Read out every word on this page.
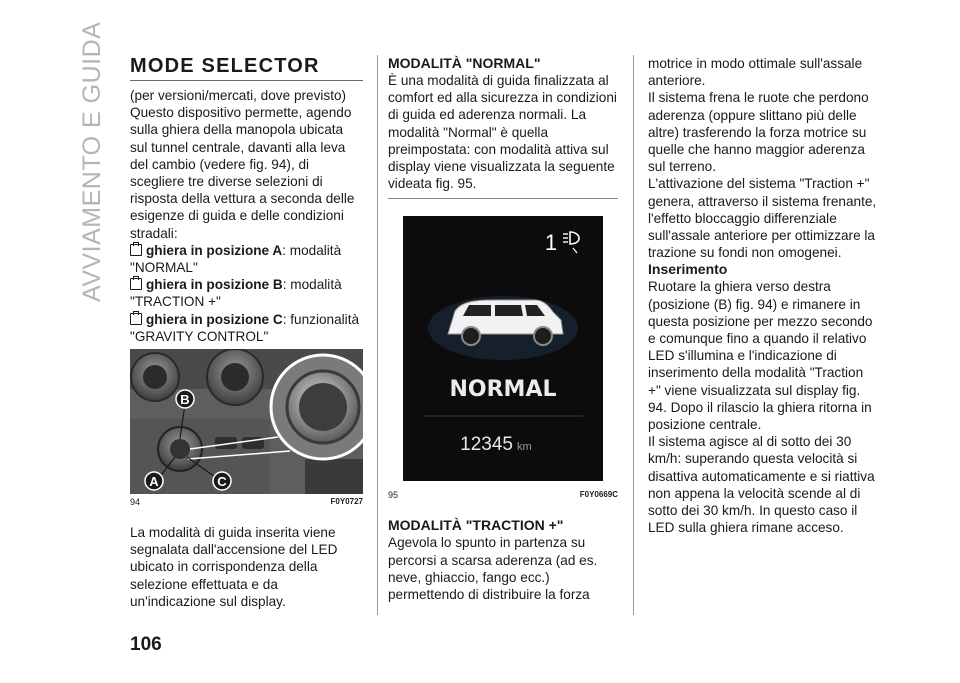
AVVIAMENTO E GUIDA MODE SELECTOR

(per versioni/mercati, dove previsto) Questo dispositivo permette, agendo sulla ghiera della manopola ubicata sul tunnel centrale, davanti alla leva del cambio (vedere fig. 94), di scegliere tre diverse selezioni di risposta della vettura a seconda delle esigenze di guida e delle condizioni stradali:

ghiera in posizione A: modalità "NORMAL"
ghiera in posizione B: modalità "TRACTION +"
ghiera in posizione C: funzionalità "GRAVITY CONTROL"
B
A	C
94	F0Y0727

La modalità di guida inserita viene segnalata dall'accensione del LED ubicato in corrispondenza della selezione effettuata e da un'indicazione sul display.

MODALITÀ "NORMAL"

È una modalità di guida finalizzata al comfort ed alla sicurezza in condizioni di guida ed aderenza normali. La modalità "Normal" è quella preimpostata: con modalità attiva sul display viene visualizzata la seguente videata fig. 95.

1
NORMAL
12345 km
95	F0Y0669C
MODALITÀ "TRACTION +"

Agevola lo spunto in partenza su percorsi a scarsa aderenza (ad es. neve, ghiaccio, fango ecc.) permettendo di distribuire la forza

motrice in modo ottimale sull'assale anteriore.

Il sistema frena le ruote che perdono aderenza (oppure slittano più delle altre) trasferendo la forza motrice su quelle che hanno maggior aderenza sul terreno.

L'attivazione del sistema "Traction +" genera, attraverso il sistema frenante, l'effetto bloccaggio differenziale sull'assale anteriore per ottimizzare la trazione su fondi non omogenei.

Inserimento

Ruotare la ghiera verso destra (posizione (B) fig. 94) e rimanere in questa posizione per mezzo secondo e comunque fino a quando il relativo LED s'illumina e l'indicazione di inserimento della modalità "Traction +" viene visualizzata sul display fig. 94. Dopo il rilascio la ghiera ritorna in posizione centrale.

Il sistema agisce al di sotto dei 30 km/h: superando questa velocità si disattiva automaticamente e si riattiva non appena la velocità scende al di sotto dei 30 km/h. In questo caso il LED sulla ghiera rimane acceso.

106
